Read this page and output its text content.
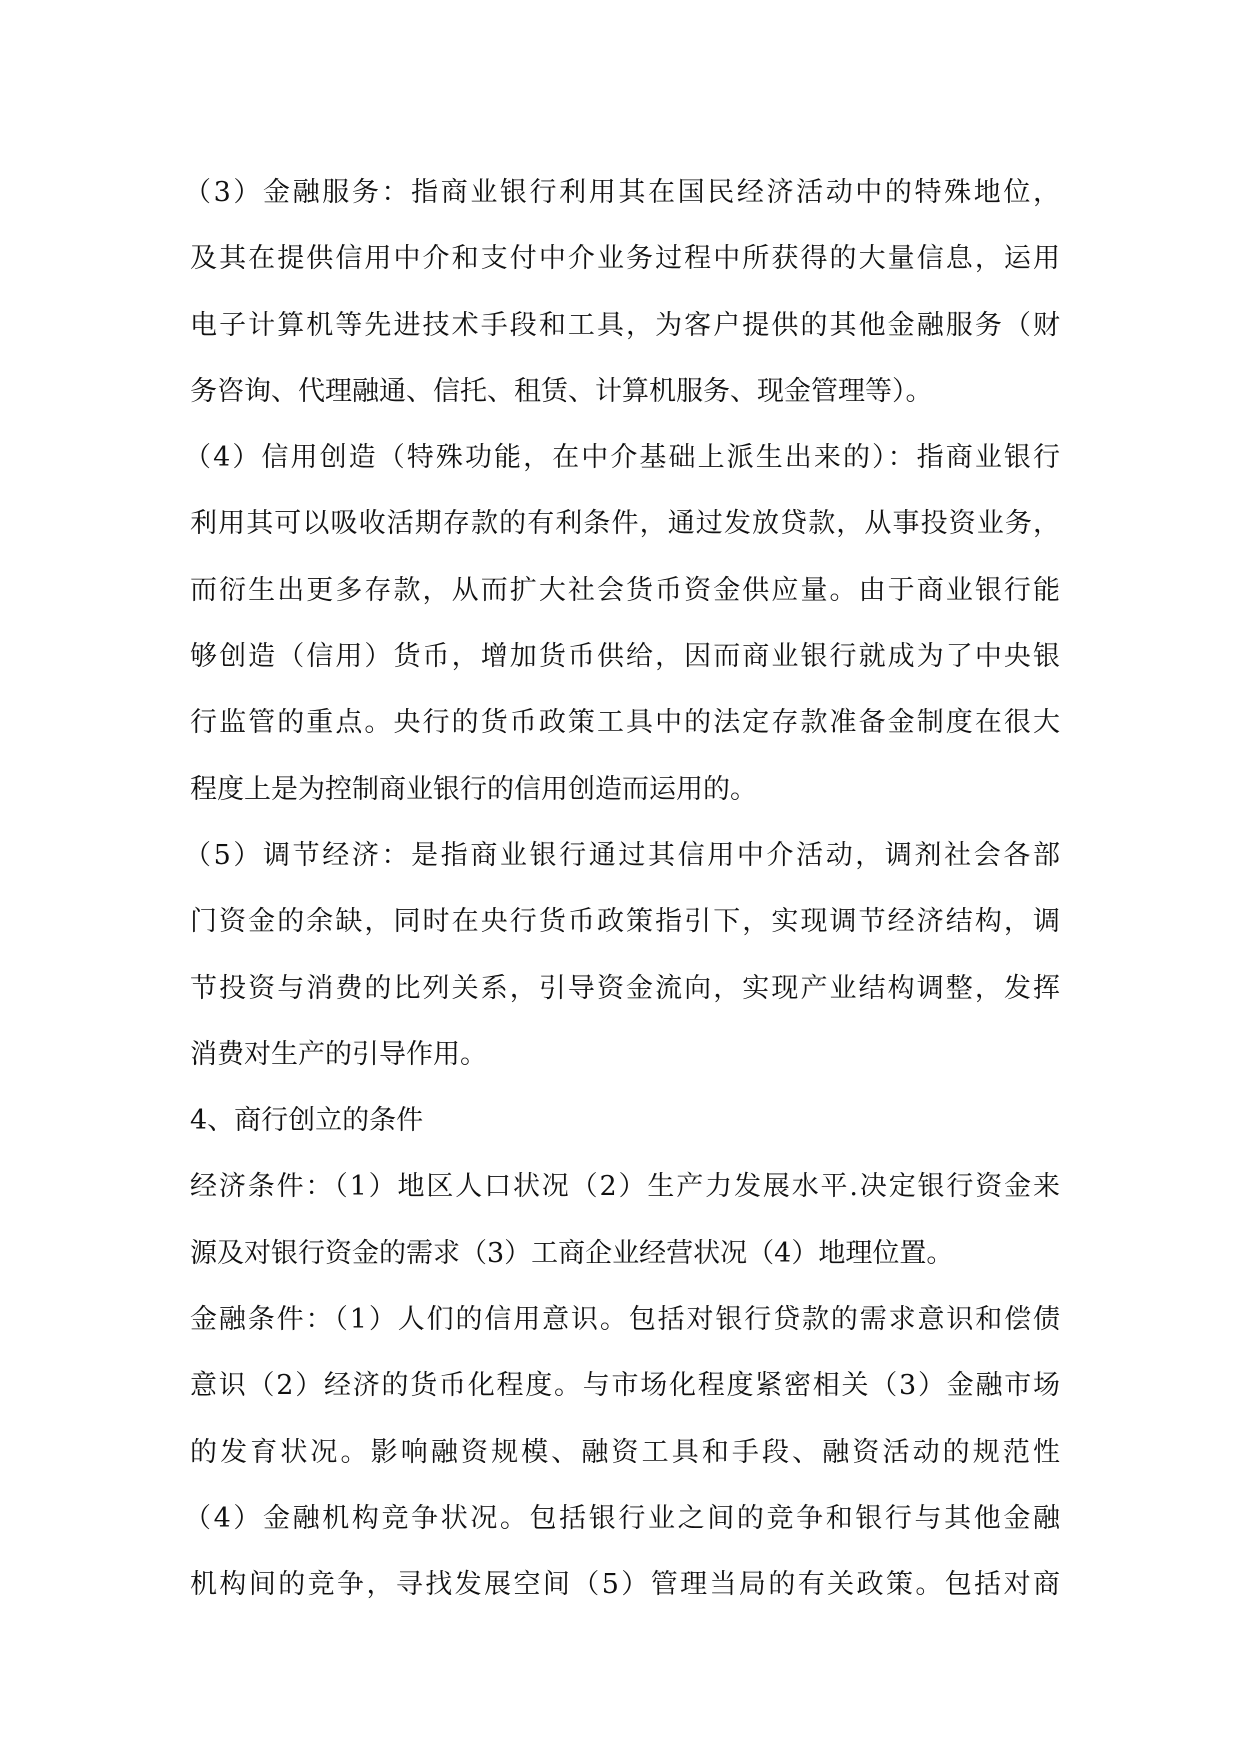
（3）金融服务：指商业银行利用其在国民经济活动中的特殊地位，
及其在提供信用中介和支付中介业务过程中所获得的大量信息，运用
电子计算机等先进技术手段和工具，为客户提供的其他金融服务（财
务咨询、代理融通、信托、租赁、计算机服务、现金管理等）。
（4）信用创造（特殊功能，在中介基础上派生出来的）：指商业银行
利用其可以吸收活期存款的有利条件，通过发放贷款，从事投资业务，
而衍生出更多存款，从而扩大社会货币资金供应量。由于商业银行能
够创造（信用）货币，增加货币供给，因而商业银行就成为了中央银
行监管的重点。央行的货币政策工具中的法定存款准备金制度在很大
程度上是为控制商业银行的信用创造而运用的。
（5）调节经济：是指商业银行通过其信用中介活动，调剂社会各部
门资金的余缺，同时在央行货币政策指引下，实现调节经济结构，调
节投资与消费的比列关系，引导资金流向，实现产业结构调整，发挥
消费对生产的引导作用。
4、商行创立的条件
经济条件：（1）地区人口状况（2）生产力发展水平.决定银行资金来
源及对银行资金的需求（3）工商企业经营状况（4）地理位置。
金融条件：（1）人们的信用意识。包括对银行贷款的需求意识和偿债
意识（2）经济的货币化程度。与市场化程度紧密相关（3）金融市场
的发育状况。影响融资规模、融资工具和手段、融资活动的规范性
（4）金融机构竞争状况。包括银行业之间的竞争和银行与其他金融
机构间的竞争，寻找发展空间（5）管理当局的有关政策。包括对商
